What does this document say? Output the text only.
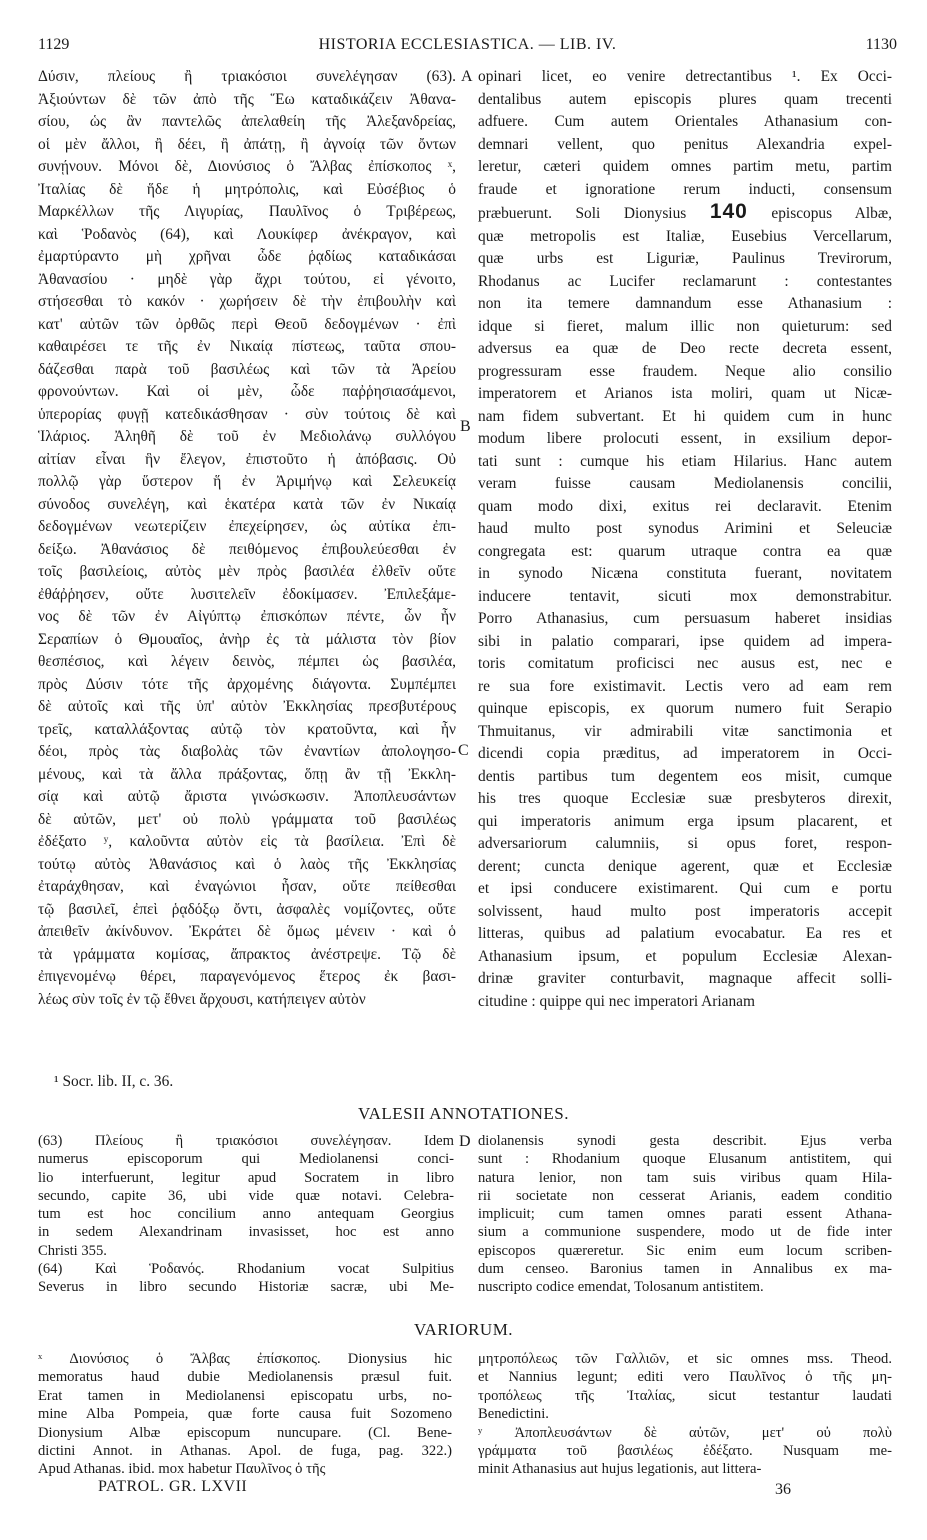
1129	HISTORIA ECCLESIASTICA. — LIB. IV.	1130
A
B
C
D
Δύσιν, πλείους ἢ τριακόσιοι συνελέγησαν (63).
Ἀξιούντων δὲ τῶν ἀπὸ τῆς Ἕω καταδικάζειν Ἀθανα-
σίου, ὡς ἂν παντελῶς ἀπελαθείη τῆς Ἀλεξανδρείας,
οἱ μὲν ἄλλοι, ἢ δέει, ἢ ἀπάτῃ, ἢ ἀγνοίᾳ τῶν ὄντων
συνῄνουν. Μόνοι δὲ, Διονύσιος ὁ Ἄλβας ἐπίσκοπος ˣ,
Ἰταλίας δὲ ἥδε ἡ μητρόπολις, καὶ Εὐσέβιος ὁ
Μαρκέλλων τῆς Λιγυρίας, Παυλῖνος ὁ Τριβέρεως,
καὶ Ῥοδανὸς (64), καὶ Λουκίφερ ἀνέκραγον, καὶ
ἐμαρτύραντο μὴ χρῆναι ὧδε ῥᾳδίως καταδικάσαι
Ἀθανασίου · μηδὲ γὰρ ἄχρι τούτου, εἰ γένοιτο,
στήσεσθαι τὸ κακόν · χωρήσειν δὲ τὴν ἐπιβουλὴν καὶ
κατ' αὐτῶν τῶν ὀρθῶς περὶ Θεοῦ δεδογμένων · ἐπὶ
καθαιρέσει τε τῆς ἐν Νικαίᾳ πίστεως, ταῦτα σπου-
δάζεσθαι παρὰ τοῦ βασιλέως καὶ τῶν τὰ Ἀρείου
φρονούντων. Καὶ οἱ μὲν, ὧδε παῤῥησιασάμενοι,
ὑπερορίας φυγῇ κατεδικάσθησαν · σὺν τούτοις δὲ καὶ
Ἱλάριος. Ἀληθῆ δὲ τοῦ ἐν Μεδιολάνῳ συλλόγου
αἰτίαν εἶναι ἣν ἔλεγον, ἐπιστοῦτο ἡ ἀπόβασις. Οὐ
πολλῷ γὰρ ὕστερον ἥ ἐν Ἀριμήνῳ καὶ Σελευκείᾳ
σύνοδος συνελέγη, καὶ ἑκατέρα κατὰ τῶν ἐν Νικαίᾳ
δεδογμένων νεωτερίζειν ἐπεχείρησεν, ὡς αὐτίκα ἐπι-
δείξω. Ἀθανάσιος δὲ πειθόμενος ἐπιβουλεύεσθαι ἐν
τοῖς βασιλείοις, αὐτὸς μὲν πρὸς βασιλέα ἐλθεῖν οὔτε
ἐθάῤῥησεν, οὔτε λυσιτελεῖν ἐδοκίμασεν. Ἐπιλεξάμε-
νος δὲ τῶν ἐν Αἰγύπτῳ ἐπισκόπων πέντε, ὧν ἦν
Σεραπίων ὁ Θμουαῖος, ἀνὴρ ἐς τὰ μάλιστα τὸν βίον
θεσπέσιος, καὶ λέγειν δεινὸς, πέμπει ὡς βασιλέα,
πρὸς Δύσιν τότε τῆς ἀρχομένης διάγοντα. Συμπέμπει
δὲ αὐτοῖς καὶ τῆς ὑπ' αὐτὸν Ἐκκλησίας πρεσβυτέρους
τρεῖς, καταλλάξοντας αὐτῷ τὸν κρατοῦντα, καὶ ἦν
δέοι, πρὸς τὰς διαβολὰς τῶν ἐναντίων ἀπολογησο-
μένους, καὶ τὰ ἄλλα πράξοντας, ὅπῃ ἂν τῇ Ἐκκλη-
σίᾳ καὶ αὐτῷ ἄριστα γινώσκωσιν. Ἀποπλευσάντων
δὲ αὐτῶν, μετ' οὐ πολὺ γράμματα τοῦ βασιλέως
ἐδέξατο ʸ, καλοῦντα αὐτὸν εἰς τὰ βασίλεια. Ἐπὶ δὲ
τούτῳ αὐτὸς Ἀθανάσιος καὶ ὁ λαὸς τῆς Ἐκκλησίας
ἐταράχθησαν, καὶ ἐναγώνιοι ἦσαν, οὔτε πείθεσθαι
τῷ βασιλεῖ, ἐπεὶ ῥᾳδόξῳ ὄντι, ἀσφαλὲς νομίζοντες, οὔτε
ἀπειθεῖν ἀκίνδυνον. Ἐκράτει δὲ ὅμως μένειν · καὶ ὁ
τὰ γράμματα κομίσας, ἄπρακτος ἀνέστρεψε. Τῷ δὲ
ἐπιγενομένῳ θέρει, παραγενόμενος ἕτερος ἐκ βασι-
λέως σὺν τοῖς ἐν τῷ ἔθνει ἄρχουσι, κατήπειγεν αὐτὸν
opinari licet, eo venire detrectantibus ¹. Ex Occi-
dentalibus autem episcopis plures quam trecenti
adfuere. Cum autem Orientales Athanasium con-
demnari vellent, quo penitus Alexandria expel-
leretur, cæteri quidem omnes partim metu, partim
fraude et ignoratione rerum inducti, consensum
præbuerunt. Soli Dionysius 140 episcopus Albæ,
quæ metropolis est Italiæ, Eusebius Vercellarum,
quæ urbs est Liguriæ, Paulinus Trevirorum,
Rhodanus ac Lucifer reclamarunt : contestantes
non ita temere damnandum esse Athanasium :
idque si fieret, malum illic non quieturum: sed
adversus ea quæ de Deo recte decreta essent,
progressuram esse fraudem. Neque alio consilio
imperatorem et Arianos ista moliri, quam ut Nicæ-
nam fidem subvertant. Et hi quidem cum in hunc
modum libere prolocuti essent, in exsilium depor-
tati sunt : cumque his etiam Hilarius. Hanc autem
veram fuisse causam Mediolanensis concilii,
quam modo dixi, exitus rei declaravit. Etenim
haud multo post synodus Arimini et Seleuciæ
congregata est: quarum utraque contra ea quæ
in synodo Nicæna constituta fuerant, novitatem
inducere tentavit, sicuti mox demonstrabitur.
Porro Athanasius, cum persuasum haberet insidias
sibi in palatio comparari, ipse quidem ad impera-
toris comitatum proficisci nec ausus est, nec e
re sua fore existimavit. Lectis vero ad eam rem
quinque episcopis, ex quorum numero fuit Serapio
Thmuitanus, vir admirabili vitæ sanctimonia et
dicendi copia præditus, ad imperatorem in Occi-
dentis partibus tum degentem eos misit, cumque
his tres quoque Ecclesiæ suæ presbyteros direxit,
qui imperatoris animum erga ipsum placarent, et
adversariorum calumniis, si opus foret, respon-
derent; cuncta denique agerent, quæ et Ecclesiæ
et ipsi conducere existimarent. Qui cum e portu
solvissent, haud multo post imperatoris accepit
litteras, quibus ad palatium evocabatur. Ea res et
Athanasium ipsum, et populum Ecclesiæ Alexan-
drinæ graviter conturbavit, magnaque affecit solli-
citudine : quippe qui nec imperatori Arianam
¹ Socr. lib. II, c. 36.
VALESII ANNOTATIONES.
(63) Πλείους ἢ τριακόσιοι συνελέγησαν. Idem
numerus episcoporum qui Mediolanensi conci-
lio interfuerunt, legitur apud Socratem in libro
secundo, capite 36, ubi vide quæ notavi. Celebra-
tum est hoc concilium anno antequam Georgius
in sedem Alexandrinam invasisset, hoc est anno
Christi 355.
(64) Καὶ Ῥοδανός. Rhodanium vocat Sulpitius
Severus in libro secundo Historiæ sacræ, ubi Me-
diolanensis synodi gesta describit. Ejus verba
sunt : Rhodanium quoque Elusanum antistitem, qui
natura lenior, non tam suis viribus quam Hila-
rii societate non cesserat Arianis, eadem conditio
implicuit; cum tamen omnes parati essent Athana-
sium a communione suspendere, modo ut de fide inter
episcopos quæreretur. Sic enim eum locum scriben-
dum censeo. Baronius tamen in Annalibus ex ma-
nuscripto codice emendat, Tolosanum antistitem.
VARIORUM.
ˣ Διονύσιος ὁ Ἄλβας ἐπίσκοπος. Dionysius hic
memoratus haud dubie Mediolanensis præsul fuit.
Erat tamen in Mediolanensi episcopatu urbs, no-
mine Alba Pompeia, quæ forte causa fuit Sozomeno
Dionysium Albæ episcopum nuncupare. (Cl. Bene-
dictini Annot. in Athanas. Apol. de fuga, pag. 322.)
Apud Athanas. ibid. mox habetur Παυλῖνος ὁ τῆς
μητροπόλεως τῶν Γαλλιῶν, et sic omnes mss. Theod.
et Nannius legunt; editi vero Παυλῖνος ὁ τῆς μη-
τροπόλεως τῆς Ἰταλίας, sicut testantur laudati
Benedictini.
ʸ Ἀποπλευσάντων δὲ αὐτῶν, μετ' οὐ πολὺ
γράμματα τοῦ βασιλέως ἐδέξατο. Nusquam me-
minit Athanasius aut hujus legationis, aut littera-
PATROL. GR. LXVII	36
